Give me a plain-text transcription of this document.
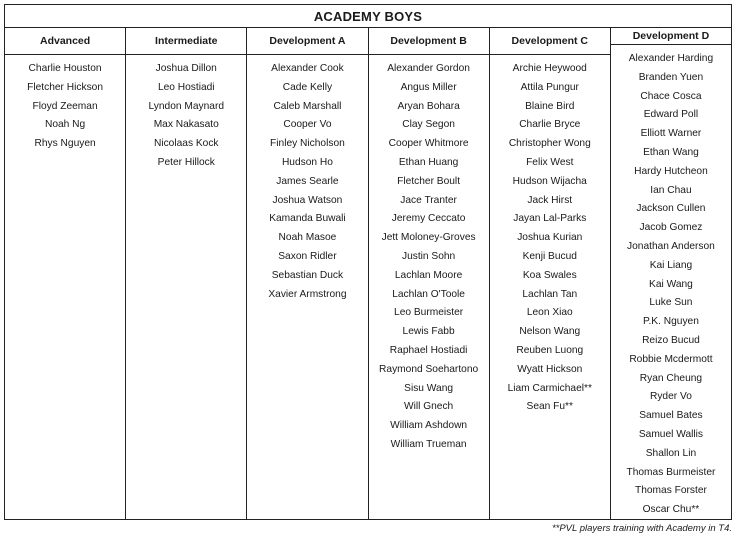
ACADEMY BOYS
Advanced
Charlie Houston
Fletcher Hickson
Floyd Zeeman
Noah Ng
Rhys Nguyen
Intermediate
Joshua Dillon
Leo Hostiadi
Lyndon Maynard
Max Nakasato
Nicolaas Kock
Peter Hillock
Development A
Alexander Cook
Cade Kelly
Caleb Marshall
Cooper Vo
Finley Nicholson
Hudson Ho
James Searle
Joshua Watson
Kamanda Buwali
Noah Masoe
Saxon Ridler
Sebastian Duck
Xavier Armstrong
Development B
Alexander Gordon
Angus Miller
Aryan Bohara
Clay Segon
Cooper Whitmore
Ethan Huang
Fletcher Boult
Jace Tranter
Jeremy Ceccato
Jett Moloney-Groves
Justin Sohn
Lachlan Moore
Lachlan O'Toole
Leo Burmeister
Lewis Fabb
Raphael Hostiadi
Raymond Soehartono
Sisu Wang
Will Gnech
William Ashdown
William Trueman
Development C
Archie Heywood
Attila Pungur
Blaine Bird
Charlie Bryce
Christopher Wong
Felix West
Hudson Wijacha
Jack Hirst
Jayan Lal-Parks
Joshua Kurian
Kenji Bucud
Koa Swales
Lachlan Tan
Leon Xiao
Nelson Wang
Reuben Luong
Wyatt Hickson
Liam Carmichael**
Sean Fu**
Development D
Alexander Harding
Branden Yuen
Chace Cosca
Edward Poll
Elliott Warner
Ethan Wang
Hardy Hutcheon
Ian Chau
Jackson Cullen
Jacob Gomez
Jonathan Anderson
Kai Liang
Kai Wang
Luke Sun
P.K. Nguyen
Reizo Bucud
Robbie Mcdermott
Ryan Cheung
Ryder Vo
Samuel Bates
Samuel Wallis
Shallon Lin
Thomas Burmeister
Thomas Forster
Oscar Chu**
**PVL players training with Academy in T4.
